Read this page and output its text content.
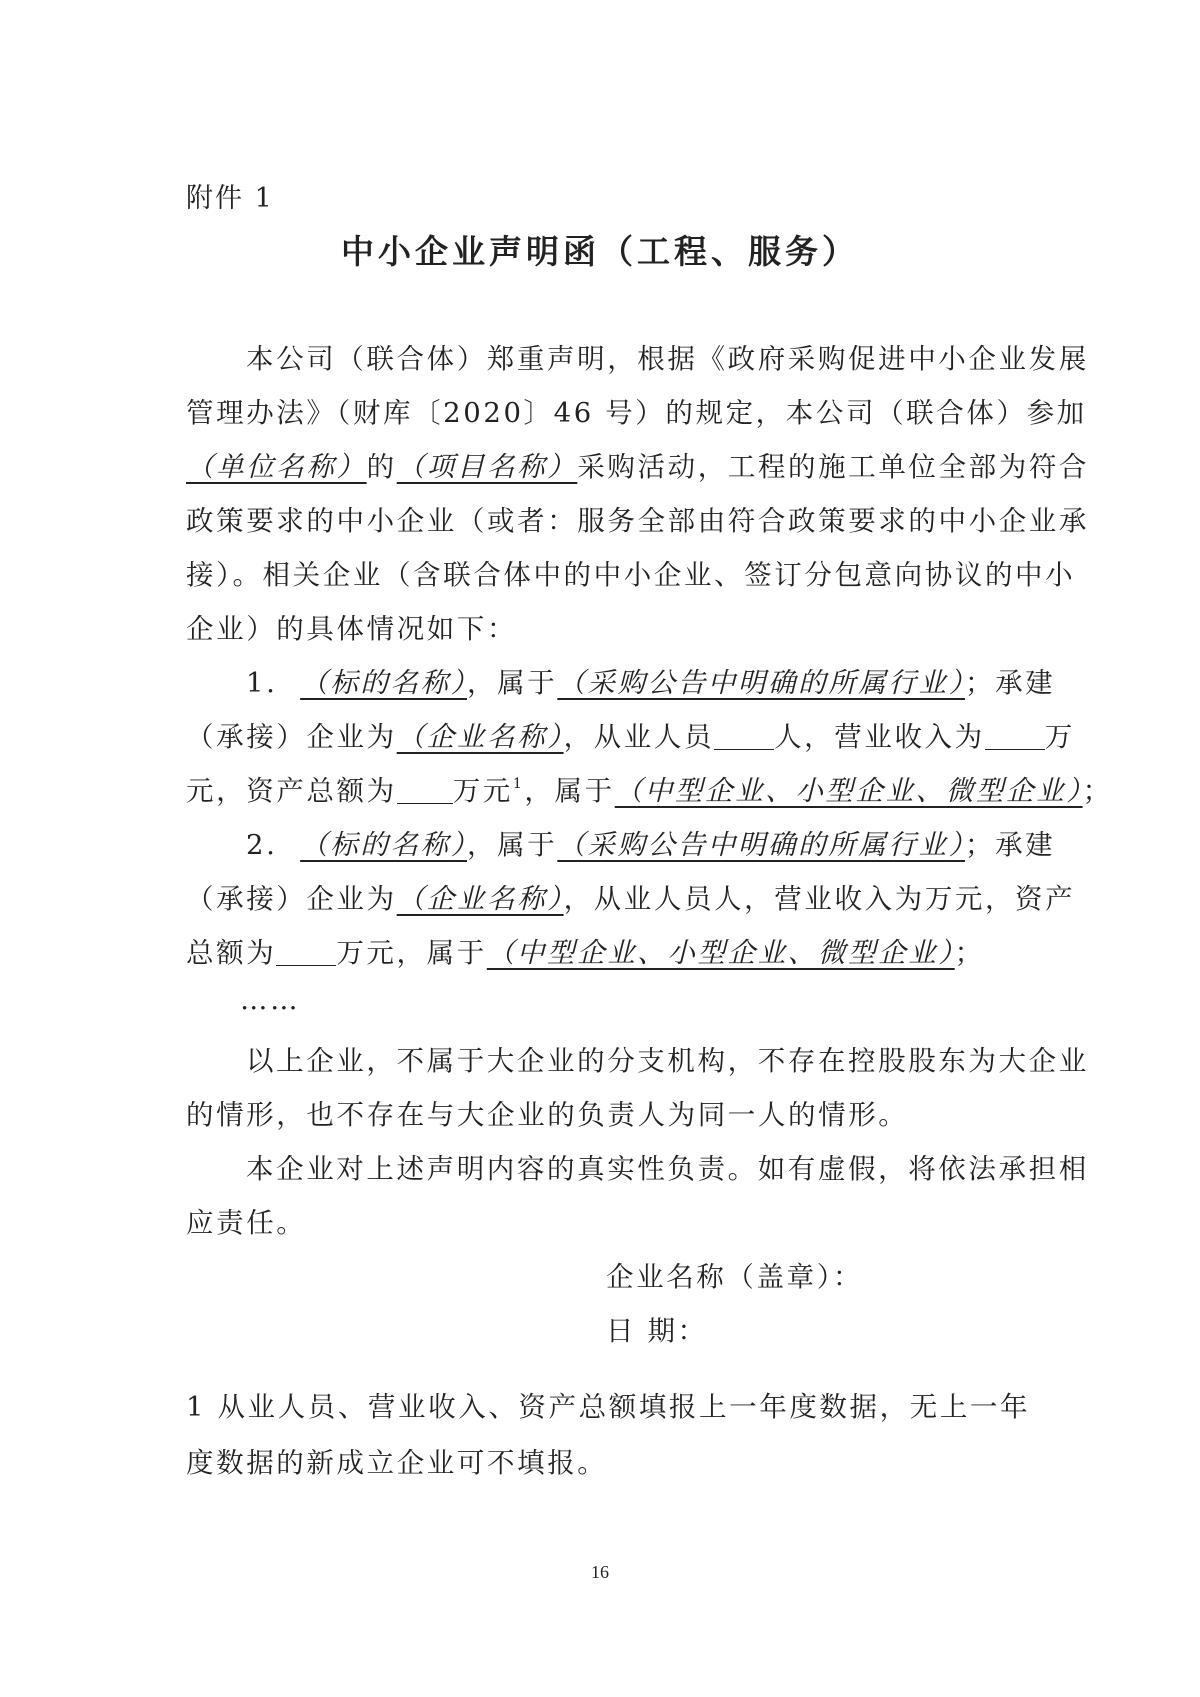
附件 1
中小企业声明函（工程、服务）
本公司（联合体）郑重声明，根据《政府采购促进中小企业发展
管理办法》（财库〔2020〕46 号）的规定，本公司（联合体）参加
（单位名称）的（项目名称）采购活动，工程的施工单位全部为符合
政策要求的中小企业（或者：服务全部由符合政策要求的中小企业承
接）。相关企业（含联合体中的中小企业、签订分包意向协议的中小
企业）的具体情况如下：
1. （标的名称），属于（采购公告中明确的所属行业）；承建
（承接）企业为（企业名称），从业人员 人，营业收入为 万
元，资产总额为 万元$^1$，属于（中型企业、小型企业、微型企业）；
2. （标的名称），属于（采购公告中明确的所属行业）；承建
（承接）企业为（企业名称），从业人员人，营业收入为万元，资产
总额为 万元，属于（中型企业、小型企业、微型企业）；
……
以上企业，不属于大企业的分支机构，不存在控股股东为大企业
的情形，也不存在与大企业的负责人为同一人的情形。
本企业对上述声明内容的真实性负责。如有虚假，将依法承担相
应责任。
企业名称（盖章）：
日 期：
1 从业人员、营业收入、资产总额填报上一年度数据，无上一年
度数据的新成立企业可不填报。
16
